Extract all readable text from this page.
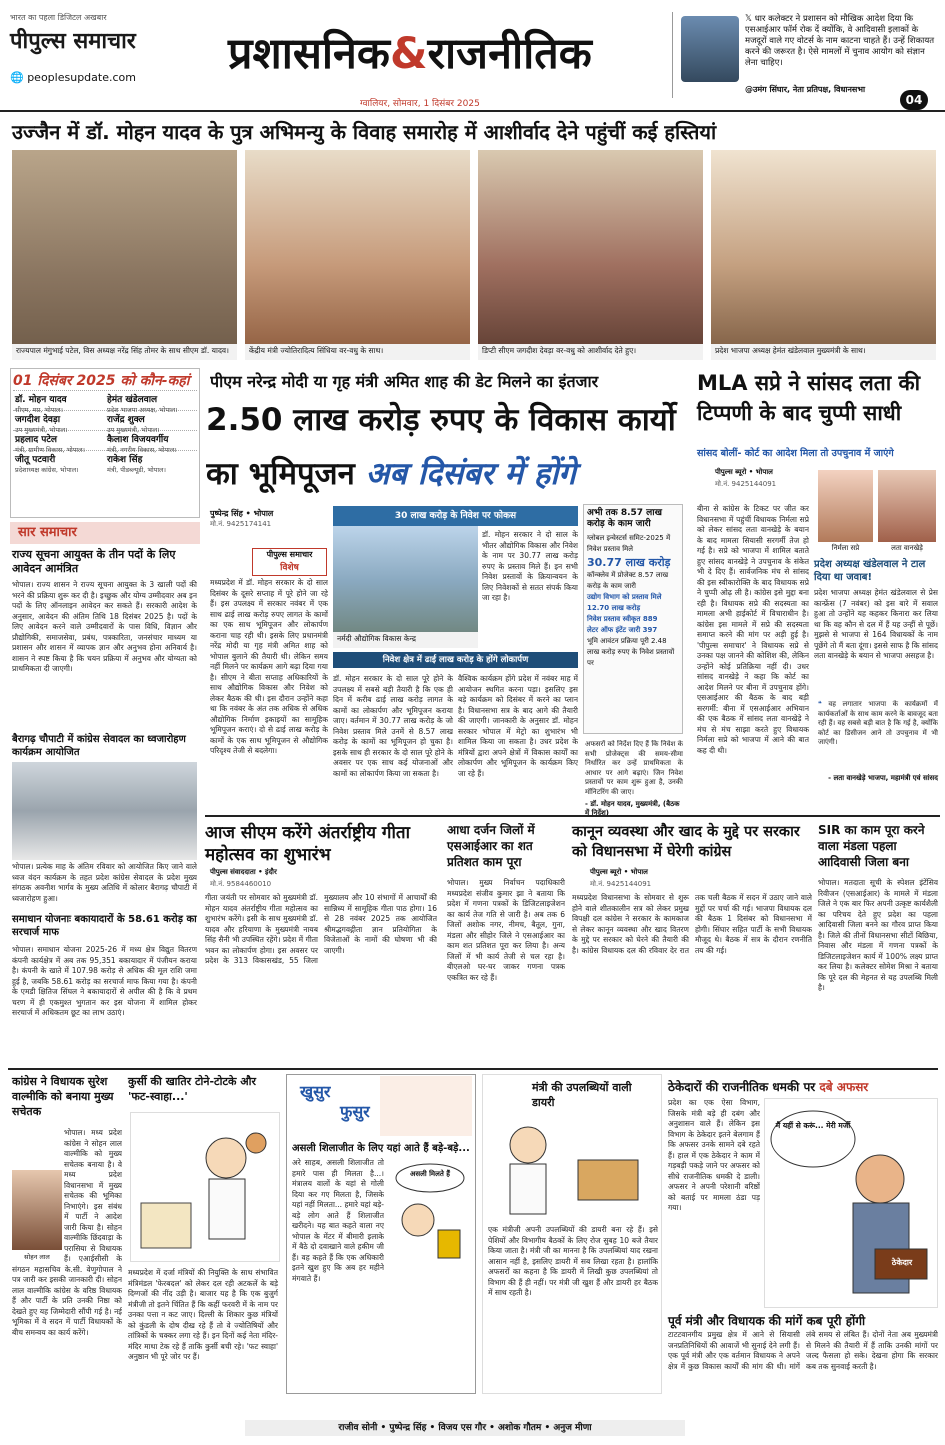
भारत का पहला डिजिटल अखबार
पीपुल्स समाचार
🌐 peoplesupdate.com	प्रशासनिक&राजनीतिक
𝕏 धार कलेक्टर ने प्रशासन को मौखिक आदेश दिया कि एसआईआर फॉर्म रोक दें क्योंकि, वे आदिवासी इलाकों के मजदूरों वाले गए वोटर्स के नाम काटना चाहते हैं। उन्हें शिकायत करने की जरूरत है। ऐसे मामलों में चुनाव आयोग को संज्ञान लेना चाहिए।
@उमंग सिंघार, नेता प्रतिपक्ष, विधानसभा
ग्वालियर, सोमवार, 1 दिसंबर 2025	04
उज्जैन में डॉ. मोहन यादव के पुत्र अभिमन्यु के विवाह समारोह में आशीर्वाद देने पहुंचीं कई हस्तियां
राज्यपाल मंगुभाई पटेल, विस अध्यक्ष नरेंद्र सिंह तोमर के साथ सीएम डॉ. यादव।	केंद्रीय मंत्री ज्योतिरादित्य सिंधिया वर-वधु के साथ।	डिप्टी सीएम जगदीश देवड़ा वर-वधु को आशीर्वाद देते हुए।	प्रदेश भाजपा अध्यक्ष हेमंत खंडेलवाल मुख्यमंत्री के साथ।
01 दिसंबर 2025 को कौन-कहां
डॉ. मोहन यादव
सीएम, मप्र, भोपाल।
हेमंत खंडेलवाल
प्रदेश भाजपा अध्यक्ष, भोपाल।
जगदीश देवड़ा
उप मुख्यमंत्री, भोपाल।
राजेंद्र शुक्ल
उप मुख्यमंत्री, भोपाल।
प्रहलाद पटेल
मंत्री, ग्रामीण विकास, भोपाल।
कैलाश विजयवर्गीय
मंत्री, नगरीय विकास, भोपाल।
जीतू पटवारी
प्रदेशाध्यक्ष कांग्रेस, भोपाल।
राकेश सिंह
मंत्री, पीडब्ल्यूडी, भोपाल।
सार समाचार
राज्य सूचना आयुक्त के तीन पदों के लिए आवेदन आमंत्रित
भोपाल। राज्य शासन ने राज्य सूचना आयुक्त के 3 खाली पदों की भरने की प्रक्रिया शुरू कर दी है। इच्छुक और योग्य उम्मीदवार अब इन पदों के लिए ऑनलाइन आवेदन कर सकते हैं। सरकारी आदेश के अनुसार, आवेदन की अंतिम तिथि 18 दिसंबर 2025 है। पदों के लिए आवेदन करने वाले उम्मीदवारों के पास विधि, विज्ञान और प्रौद्योगिकी, समाजसेवा, प्रबंध, पत्रकारिता, जनसंचार माध्यम या प्रशासन और शासन में व्यापक ज्ञान और अनुभव होना अनिवार्य है। शासन ने स्पष्ट किया है कि चयन प्रक्रिया में अनुभव और योग्यता को प्राथमिकता दी जाएगी।
बैरागढ़ चौपाटी में कांग्रेस सेवादल का ध्वजारोहण कार्यक्रम आयोजित
भोपाल। प्रत्येक माह के अंतिम रविवार को आयोजित किए जाने वाले ध्वज वंदन कार्यक्रम के तहत प्रदेश कांग्रेस सेवादल के प्रदेश मुख्य संगठक अवनीश भार्गव के मुख्य अतिथि में कोलार बैरागढ़ चौपाटी में ध्वजारोहण हुआ।
समाधान योजनाः बकायादारों के 58.61 करोड़ का सरचार्ज माफ
भोपाल। समाधान योजना 2025-26 में मध्य क्षेत्र विद्युत वितरण कंपनी कार्यक्षेत्र में अब तक 95,351 बकायादार में पंजीयन कराया है। कंपनी के खाते में 107.98 करोड़ से अधिक की मूल राशि जमा हुई है, जबकि 58.61 करोड़ का सरचार्ज माफ किया गया है। कंपनी के एमडी क्षितिज सिंघल ने बकायादारों से अपील की है कि वे प्रथम चरण में ही एकमुश्त भुगतान कर इस योजना में शामिल होकर सरचार्ज में अधिकतम छूट का लाभ उठाएं।
पीएम नरेन्द्र मोदी या गृह मंत्री अमित शाह की डेट मिलने का इंतजार
2.50 लाख करोड़ रुपए के विकास कार्यो
का भूमिपूजन अब दिसंबर में होंगे
पुष्पेन्द्र सिंह • भोपाल
मो.नं. 9425174141
पीपुल्स समाचार
विशेष
मध्यप्रदेश में डॉ. मोहन सरकार के दो साल दिसंबर के दूसरे सप्ताह में पूरे होने जा रहे हैं। इस उपलक्ष्य में सरकार नवंबर में एक साथ ढाई लाख करोड़ रुपए लागत के कामों का एक साथ भूमिपूजन और लोकार्पण कराना चाह रही थी। इसके लिए प्रधानमंत्री नरेंद्र मोदी या गृह मंत्री अमित शाह को भोपाल बुलाने की तैयारी थी। लेकिन समय नहीं मिलने पर कार्यक्रम आगे बढ़ा दिया गया है। सीएम ने बीता सप्ताह अधिकारियों के साथ औद्योगिक विकास और निवेश को लेकर बैठक की थी। इस दौरान उन्होंने कहा था कि नवंबर के अंत तक अधिक से अधिक औद्योगिक निर्माण इकाइयों का सामूहिक भूमिपूजन कराएं। दो से ढाई लाख करोड़ के कामों के एक साथ भूमिपूजन से औद्योगिक परिदृश्य तेजी से बदलेगा।
30 लाख करोड़ के निवेश पर फोकस
नर्मदी औद्योगिक विकास केन्द्र
डॉ. मोहन सरकार ने दो साल के भीतर औद्योगिक विकास और निवेश के नाम पर 30.77 लाख करोड़ रुपए के प्रस्ताव मिले हैं। इन सभी निवेश प्रस्तावों के क्रियान्वयन के लिए निवेशकों से सतत संपर्क किया जा रहा है।
निवेश क्षेत्र में ढाई लाख करोड़ के होंगे लोकार्पण
डॉ. मोहन सरकार के दो साल पूरे होने के उपलक्ष्य में सबसे बड़ी तैयारी है कि एक ही दिन में करीब ढाई लाख करोड़ लागत के कामों का लोकार्पण और भूमिपूजन कराया जाए। वर्तमान में 30.77 लाख करोड़ के जो निवेश प्रस्ताव मिले उनमें से 8.57 लाख करोड़ के कामों का भूमिपूजन हो चुका है। इसके साथ ही सरकार के दो साल पूरे होने के अवसर पर एक साथ कई योजनाओं और कामों का लोकार्पण किया जा सकता है।
वैश्विक कार्यक्रम होंगे प्रदेश में नवंबर माह में आयोजन स्थगित करना पड़ा। इसलिए इस बड़े कार्यक्रम को दिसंबर में करने का प्लान है। विधानसभा सत्र के बाद आगे की तैयारी की जाएगी। जानकारी के अनुसार डॉ. मोहन सरकार भोपाल में मेट्रो का शुभारंभ भी शामिल किया जा सकता है। उधर प्रदेश के मंत्रियों द्वारा अपने क्षेत्रों में विकास कार्यों का लोकार्पण और भूमिपूजन के कार्यक्रम किए जा रहे हैं।
अभी तक 8.57 लाख करोड़ के काम जारी
ग्लोबल इन्वेस्टर्स समिट-2025 में निवेश प्रस्ताव मिले
30.77 लाख करोड़
कॉन्क्लेव में प्रोजेक्ट 8.57 लाख करोड़ के काम जारी
उद्योग विभाग को प्रस्ताव मिले 12.70 लाख करोड़
निवेश प्रस्ताव स्वीकृत 889
लेटर ऑफ इंटेंट जारी 397
भूमि आवंटन प्रक्रिया पूरी 2.48 लाख करोड़ रुपए के निवेश प्रस्तावों पर
अफसरों को निर्देश दिए हैं कि निवेश के सभी प्रोजेक्ट्स की समय-सीमा निर्धारित कर उन्हें प्राथमिकता के आधार पर आगे बढ़ाएं। जिन निवेश प्रस्तावों पर काम शुरू हुआ है, उनकी मॉनिटरिंग की जाए।
- डॉ. मोहन यादव, मुख्यमंत्री, (बैठक में निर्देश)
MLA सप्रे ने सांसद लता की टिप्पणी के बाद चुप्पी साधी
सांसद बोलीं- कोर्ट का आदेश मिला तो उपचुनाव में जाएंगे
पीपुल्स ब्यूरो • भोपाल
मो.नं. 9425144091
बीना से कांग्रेस के टिकट पर जीत कर विधानसभा में पहुंचीं विधायक निर्मला सप्रे को लेकर सांसद लता वानखेड़े के बयान के बाद मामला सियासी सरगर्मी तेज हो गई है। सप्रे को भाजपा में शामिल बताते हुए सांसद वानखेड़े ने उपचुनाव के संकेत भी दे दिए हैं। सार्वजनिक मंच से सांसद की इस स्वीकारोक्ति के बाद विधायक सप्रे ने चुप्पी ओढ़ ली है। कांग्रेस इसे मुद्दा बना रही है। विधायक सप्रे की सदस्यता का मामला अभी हाईकोर्ट में विचाराधीन है। कांग्रेस इस मामले में सप्रे की सदस्यता समाप्त करने की मांग पर अड़ी हुई है। 'पीपुल्स समाचार' ने विधायक सप्रे से उनका पक्ष जानने की कोशिश की, लेकिन उन्होंने कोई प्रतिक्रिया नहीं दी। उधर सांसद वानखेड़े ने कहा कि कोर्ट का आदेश मिलने पर बीना में उपचुनाव होंगे। एसआईआर की बैठक के बाद बड़ी सरगर्मी: बीना में एसआईआर अभियान की एक बैठक में सांसद लता वानखेड़े ने मंच से मंच साझा करते हुए विधायक निर्मला सप्रे को भाजपा में आने की बात कह दी थी।
निर्मला सप्रे	लता वानखेड़े
प्रदेश अध्यक्ष खंडेलवाल ने टाल दिया था जवाब!
प्रदेश भाजपा अध्यक्ष हेमंत खंडेलवाल से प्रेस कान्फ्रेंस (7 नवंबर) को इस बारे में सवाल हुआ तो उन्होंने यह कहकर किनारा कर लिया था कि वह कौन से दल में हैं यह उन्हीं से पूछें। मुझसे से भाजपा से 164 विधायकों के नाम पूछेंगे तो मैं बता दूंगा। इससे साफ है कि सांसद लता वानखेड़े के बयान से भाजपा असहज है।
❝ वह लगातार भाजपा के कार्यक्रमों में कार्यकर्ताओं के साथ काम करने के बावजूद बता रही हैं। वह सबसे बड़ी बात है कि गई है, क्योंकि कोर्ट का डिसीजन आने तो उपचुनाव में भी जाएंगी।
- लता वानखेड़े भाजपा, महामंत्री एवं सांसद
आज सीएम करेंगे अंतर्राष्ट्रीय गीता महोत्सव का शुभारंभ
पीपुल्स संवाददाता • इंदौर
मो.नं. 9584460010
गीता जयंती पर सोमवार को मुख्यमंत्री डॉ. मोहन यादव अंतर्राष्ट्रीय गीता महोत्सव का शुभारंभ करेंगे। इसी के साथ मुख्यमंत्री डॉ. यादव और हरियाणा के मुख्यमंत्री नायब सिंह सैनी भी उपस्थित रहेंगे। प्रदेश में गीता भवन का लोकार्पण होगा। इस अवसर पर प्रदेश के 313 विकासखंड, 55 जिला मुख्यालय और 10 संभागों में आचार्यों की सान्निध्य में सामूहिक गीता पाठ होगा। 16 से 28 नवंबर 2025 तक आयोजित श्रीमद्भगवद्गीता ज्ञान प्रतियोगिता के विजेताओं के नामों की घोषणा भी की जाएगी।
आधा दर्जन जिलों में एसआईआर का शत प्रतिशत काम पूरा
भोपाल। मुख्य निर्वाचन पदाधिकारी मध्यप्रदेश संजीव कुमार झा ने बताया कि प्रदेश में गणना पत्रकों के डिजिटलाइजेशन का कार्य तेज गति से जारी है। अब तक 6 जिलों अशोक नगर, नीमच, बैतूल, गुना, मंडला और सीहोर जिले ने एसआईआर का काम शत प्रतिशत पूरा कर लिया है। अन्य जिलों में भी कार्य तेजी से चल रहा है। बीएलओ घर-घर जाकर गणना पत्रक एकत्रित कर रहे हैं।
कानून व्यवस्था और खाद के मुद्दे पर सरकार को विधानसभा में घेरेगी कांग्रेस
पीपुल्स ब्यूरो • भोपाल
मो.नं. 9425144091
मध्यप्रदेश विधानसभा के सोमवार से शुरू होने वाले शीतकालीन सत्र को लेकर प्रमुख विपक्षी दल कांग्रेस ने सरकार के कामकाज से लेकर कानून व्यवस्था और खाद वितरण के मुद्दे पर सरकार को घेरने की तैयारी की है। कांग्रेस विधायक दल की रविवार देर रात तक चली बैठक में सदन में उठाए जाने वाले मुद्दों पर चर्चा की गई। भाजपा विधायक दल की बैठक 1 दिसंबर को विधानसभा में होगी। सिंघार सहित पार्टी के सभी विधायक मौजूद थे। बैठक में सत्र के दौरान रणनीति तय की गई।
SIR का काम पूरा करने वाला मंडला पहला आदिवासी जिला बना
भोपाल। मतदाता सूची के स्पेशल इंटेंसिव रिवीजन (एसआईआर) के मामले में मंडला जिले ने एक बार फिर अपनी उत्कृष्ट कार्यशैली का परिचय देते हुए प्रदेश का पहला आदिवासी जिला बनने का गौरव प्राप्त किया है। जिले की तीनों विधानसभा सीटों बिछिया, निवास और मंडला में गणना पत्रकों के डिजिटलाइजेशन कार्य में 100% लक्ष्य प्राप्त कर लिया है। कलेक्टर सोमेश मिश्रा ने बताया कि पूरे दल की मेहनत से यह उपलब्धि मिली है।
कांग्रेस ने विधायक सुरेश वाल्मीकि को बनाया मुख्य सचेतक
सोहन लाल
भोपाल। मध्य प्रदेश कांग्रेस ने सोहन लाल वाल्मीकि को मुख्य सचेतक बनाया है। वे मध्य प्रदेश विधानसभा में मुख्य सचेतक की भूमिका निभाएंगे। इस संबंध में पार्टी ने आदेश जारी किया है। सोहन वाल्मीकि छिंदवाड़ा के परासिया से विधायक हैं। एआईसीसी के संगठन महासचिव के.सी. वेणुगोपाल ने पत्र जारी कर इसकी जानकारी दी। सोहन लाल वाल्मीकि कांग्रेस के वरिष्ठ विधायक हैं और पार्टी के प्रति उनकी निष्ठा को देखते हुए यह जिम्मेदारी सौंपी गई है। नई भूमिका में वे सदन में पार्टी विधायकों के बीच समन्वय का कार्य करेंगे।
कुर्सी की खातिर टोने-टोटके और 'फट-स्वाहा...'
मध्यप्रदेश में दर्जा मंत्रियों की नियुक्ति के साथ संभावित मंत्रिमंडल 'फेरबदल' को लेकर दल रही अटकलें के बड़े दिग्गजों की नींद उड़ी है। बाजार यह है कि एक बुजुर्ग मंत्रीजी तो इतने चिंतित हैं कि कहीं फरवरी में के नाम पर उनका पत्ता न कट जाए। दिल्ली के शिकार कुछ मंत्रियों को कुंडली के दोष दीख रहे हैं तो वे ज्योतिषियों और तांत्रिकों के चक्कर लगा रहे हैं। इन दिनों कई नेता मंदिर-मंदिर माथा टेक रहे हैं ताकि कुर्सी बची रहे। 'फट स्वाहा' अनुष्ठान भी पूरे जोर पर हैं।
खुसुर
फुसुर
असली शिलाजीत के लिए यहां आते हैं बड़े-बड़े...
अरे साहब, असली शिलाजीत तो हमारे पास ही मिलता है...। मंत्रालय वालों के यहां से गोली दिया कर गए मिलता है, जिसके यहां नहीं मिलता... हमारे यहां बड़े-बड़े लोग आते हैं शिलाजीत खरीदने। यह बात कहते वाला नए भोपाल के मेंटर में बीमारी इलाके में बैठे दो दवाखाने वाले हकीम जी हैं। वह कहते हैं कि एक अधिकारी इतने खुश हुए कि अब हर महीने मंगवाते हैं।
असली मिलते हैं
मंत्री की उपलब्धियों वाली डायरी
एक मंत्रीजी अपनी उपलब्धियों की डायरी बना रहे हैं। इसे पेशियों और विभागीय बैठकों के लिए रोज सुबह 10 बजे तैयार किया जाता है। मंत्री जी का मानना है कि उपलब्धियां याद रखना आसान नहीं है, इसलिए डायरी में सब लिखा रहता है। हालांकि अफसरों का कहना है कि डायरी में लिखी कुछ उपलब्धियां तो विभाग की हैं ही नहीं। पर मंत्री जी खुश हैं और डायरी हर बैठक में साथ रहती है।
ठेकेदारों की राजनीतिक धमकी पर दबे अफसर
प्रदेश का एक ऐसा विभाग, जिसके मंत्री बड़े ही दबंग और अनुशासन वाले हैं। लेकिन इस विभाग के ठेकेदार इतने बेलगाम हैं कि अफसर उनके सामने दबे रहते हैं। हाल में एक ठेकेदार ने काम में गड़बड़ी पकड़े जाने पर अफसर को सीधे राजनीतिक धमकी दे डाली। अफसर ने अपनी परेशानी वरिष्ठों को बताई पर मामला ठंडा पड़ गया।
मैं यहीं से करूं... मेरी मर्जी
ठेकेदार
पूर्व मंत्री और विधायक की मांगें कब पूरी होंगी
टाटटवानगीय प्रमुख क्षेत्र में आने से सियासी जनप्रतिनिधियों की आवाजें भी सुनाई देने लगी हैं। एक पूर्व मंत्री और एक वर्तमान विधायक ने अपने क्षेत्र में कुछ विकास कार्यों की मांग की थी। मांगें लंबे समय से लंबित हैं। दोनों नेता अब मुख्यमंत्री से मिलने की तैयारी में हैं ताकि उनकी मांगों पर जल्द फैसला हो सके। देखना होगा कि सरकार कब तक सुनवाई करती है।
राजीव सोनी • पुष्पेन्द्र सिंह • विजय एस गौर • अशोक गौतम • अनुज मीणा
